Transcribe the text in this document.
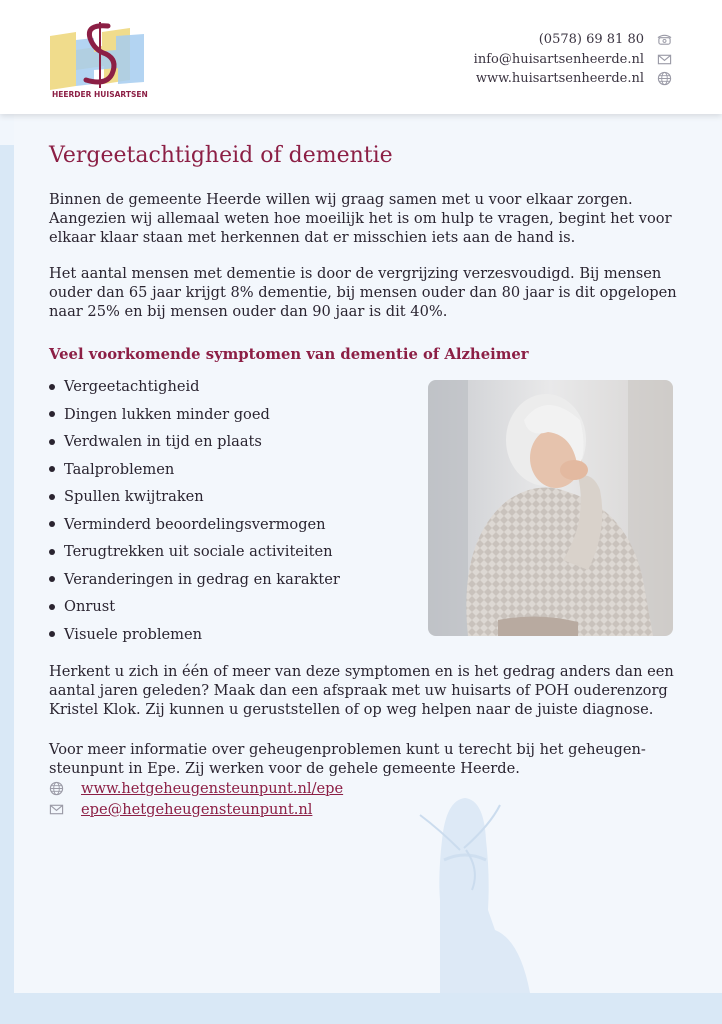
HEERDER HUISARTSEN
(0578) 69 81 80
info@huisartsenheerde.nl
www.huisartsenheerde.nl
Vergeetachtigheid of dementie

Binnen de gemeente Heerde willen wij graag samen met u voor elkaar zorgen. Aangezien wij allemaal weten hoe moeilijk het is om hulp te vragen, begint het voor elkaar klaar staan met herkennen dat er misschien iets aan de hand is.

Het aantal mensen met dementie is door de vergrijzing verzesvoudigd. Bij mensen ouder dan 65 jaar krijgt 8% dementie, bij mensen ouder dan 80 jaar is dit opgelopen naar 25% en bij mensen ouder dan 90 jaar is dit 40%.

Veel voorkomende symptomen van dementie of Alzheimer
Vergeetachtigheid
Dingen lukken minder goed
Verdwalen in tijd en plaats
Taalproblemen
Spullen kwijtraken
Verminderd beoordelingsvermogen
Terugtrekken uit sociale activiteiten
Veranderingen in gedrag en karakter
Onrust
Visuele problemen

Herkent u zich in één of meer van deze symptomen en is het gedrag anders dan een aantal jaren geleden? Maak dan een afspraak met uw huisarts of POH ouderenzorg Kristel Klok. Zij kunnen u geruststellen of op weg helpen naar de juiste diagnose.

Voor meer informatie over geheugenproblemen kunt u terecht bij het geheugen-steunpunt in Epe. Zij werken voor de gehele gemeente Heerde.

www.hetgeheugensteunpunt.nl/epe
epe@hetgeheugensteunpunt.nl
